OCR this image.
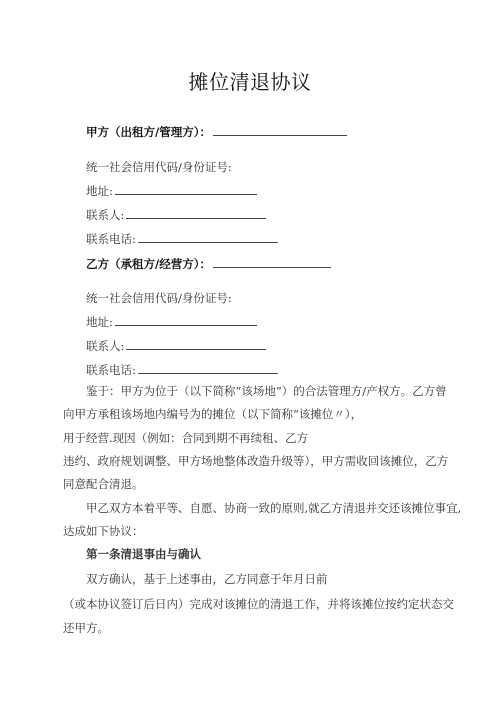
摊位清退协议
甲方（出租方/管理方）：
统一社会信用代码/身份证号:
地址:
联系人:
联系电话:
乙方（承租方/经营方）：
统一社会信用代码/身份证号:
地址:
联系人:
联系电话:
鉴于：甲方为位于（以下简称“该场地”）的合法管理方/产权方。乙方曾
向甲方承租该场地内编号为的摊位（以下简称“该摊位〃），
用于经营.现因（例如：合同到期不再续租、乙方
违约、政府规划调整、甲方场地整体改造升级等），甲方需收回该摊位，乙方
同意配合清退。
甲乙双方本着平等、自愿、协商一致的原则,就乙方清退并交还该摊位事宜,
达成如下协议：
第一条清退事由与确认
双方确认，基于上述事由，乙方同意于年月日前
（或本协议签订后日内）完成对该摊位的清退工作，并将该摊位按约定状态交
还甲方。
